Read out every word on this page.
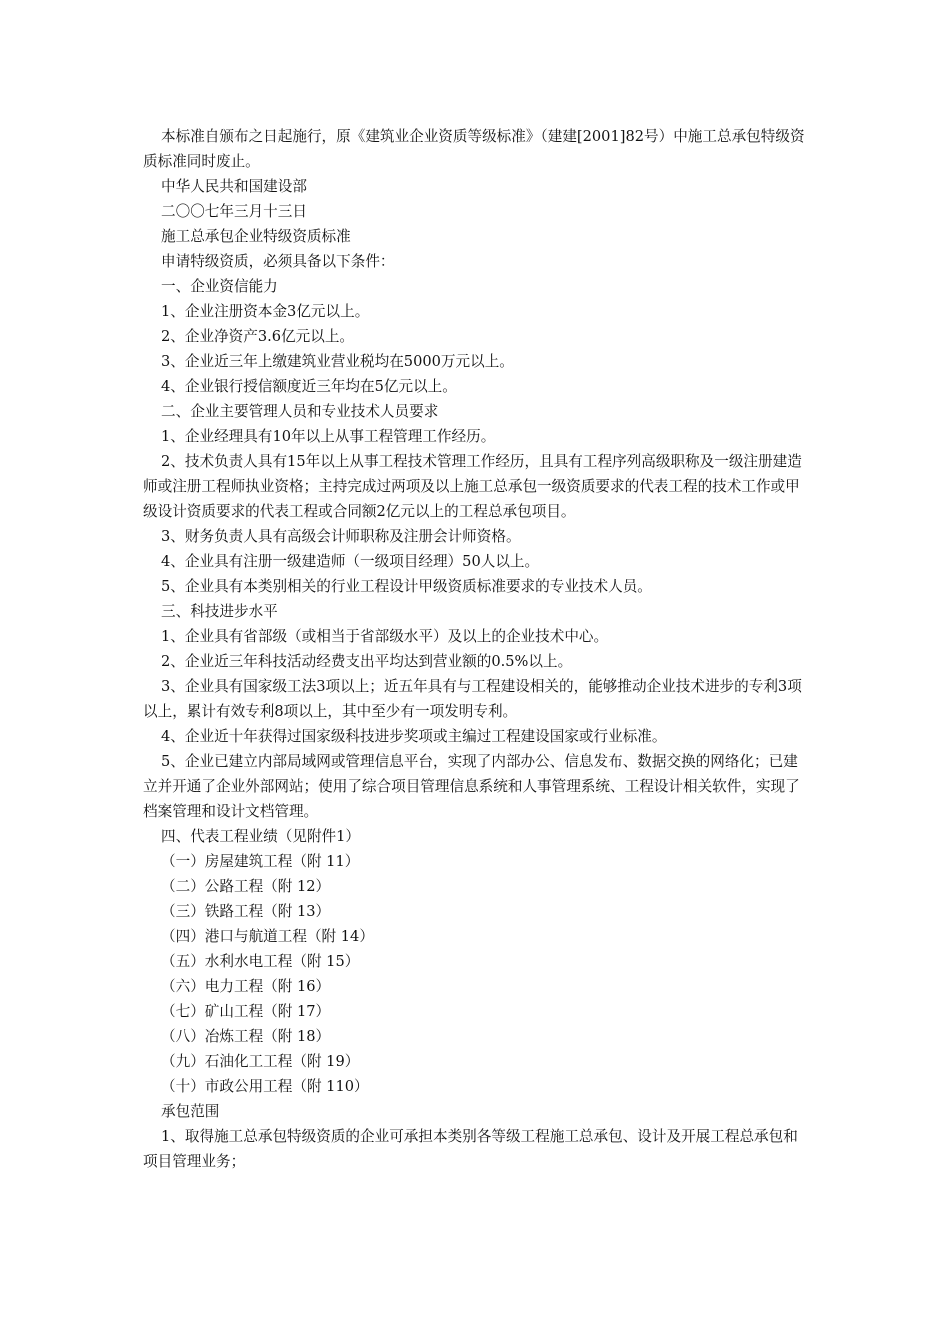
本标准自颁布之日起施行，原《建筑业企业资质等级标准》（建建[2001]82号）中施工总承包特级资质标准同时废止。

中华人民共和国建设部

二〇〇七年三月十三日

施工总承包企业特级资质标准

申请特级资质，必须具备以下条件：

一、企业资信能力

1、企业注册资本金3亿元以上。

2、企业净资产3.6亿元以上。

3、企业近三年上缴建筑业营业税均在5000万元以上。

4、企业银行授信额度近三年均在5亿元以上。

二、企业主要管理人员和专业技术人员要求

1、企业经理具有10年以上从事工程管理工作经历。

2、技术负责人具有15年以上从事工程技术管理工作经历，且具有工程序列高级职称及一级注册建造师或注册工程师执业资格；主持完成过两项及以上施工总承包一级资质要求的代表工程的技术工作或甲级设计资质要求的代表工程或合同额2亿元以上的工程总承包项目。

3、财务负责人具有高级会计师职称及注册会计师资格。

4、企业具有注册一级建造师（一级项目经理）50人以上。

5、企业具有本类别相关的行业工程设计甲级资质标准要求的专业技术人员。

三、科技进步水平

1、企业具有省部级（或相当于省部级水平）及以上的企业技术中心。

2、企业近三年科技活动经费支出平均达到营业额的0.5%以上。

3、企业具有国家级工法3项以上；近五年具有与工程建设相关的，能够推动企业技术进步的专利3项以上，累计有效专利8项以上，其中至少有一项发明专利。

4、企业近十年获得过国家级科技进步奖项或主编过工程建设国家或行业标准。

5、企业已建立内部局域网或管理信息平台，实现了内部办公、信息发布、数据交换的网络化；已建立并开通了企业外部网站；使用了综合项目管理信息系统和人事管理系统、工程设计相关软件，实现了档案管理和设计文档管理。

四、代表工程业绩（见附件1）

（一）房屋建筑工程（附 11）

（二）公路工程（附 12）

（三）铁路工程（附 13）

（四）港口与航道工程（附 14）

（五）水利水电工程（附 15）

（六）电力工程（附 16）

（七）矿山工程（附 17）

（八）冶炼工程（附 18）

（九）石油化工工程（附 19）

（十）市政公用工程（附 110）

承包范围

1、取得施工总承包特级资质的企业可承担本类别各等级工程施工总承包、设计及开展工程总承包和项目管理业务；
